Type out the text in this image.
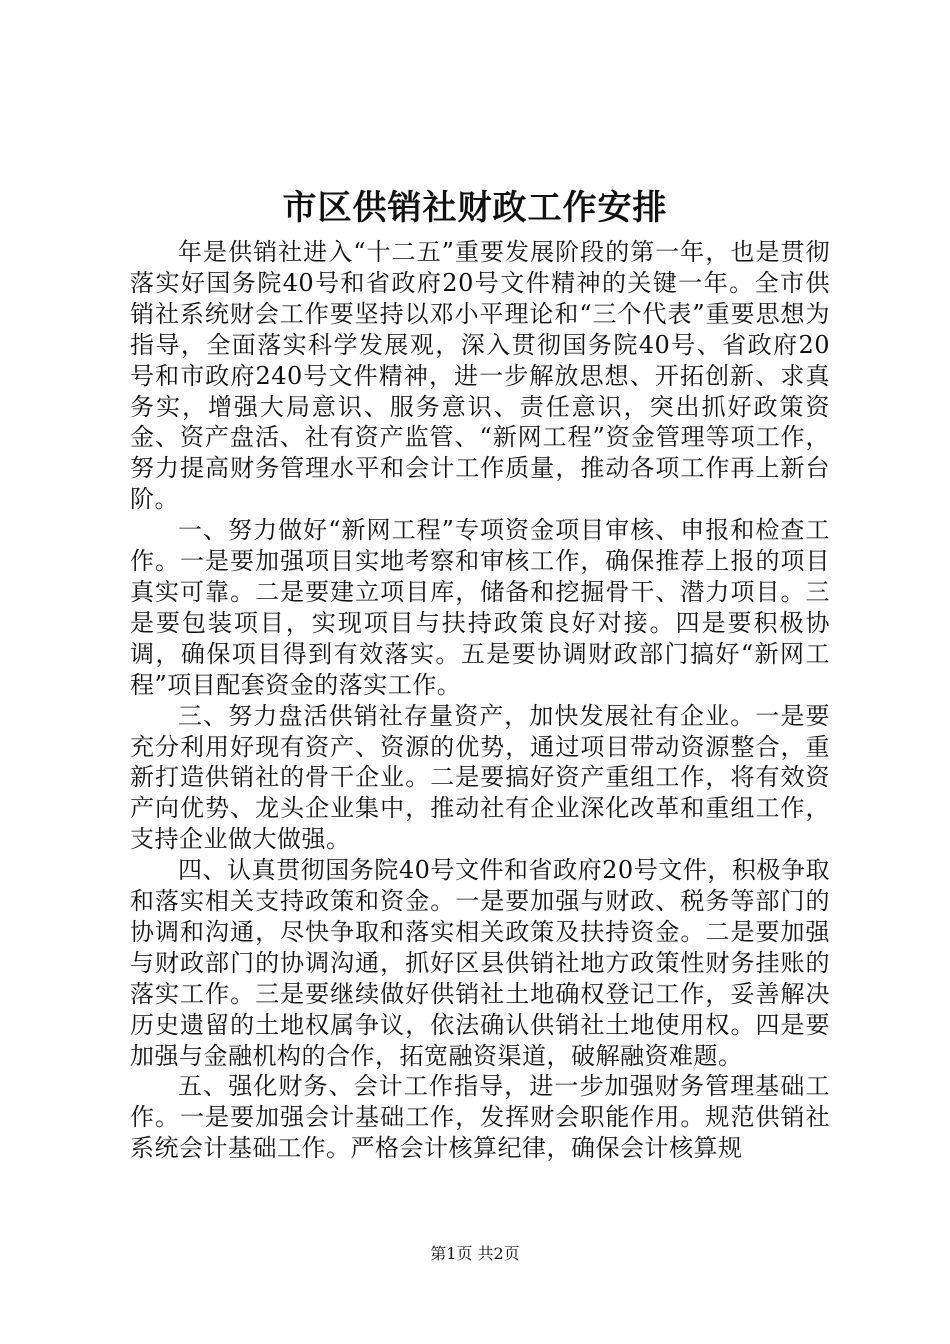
市区供销社财政工作安排

年是供销社进入“十二五”重要发展阶段的第一年，也是贯彻落实好国务院40号和省政府20号文件精神的关键一年。全市供销社系统财会工作要坚持以邓小平理论和“三个代表”重要思想为指导，全面落实科学发展观，深入贯彻国务院40号、省政府20号和市政府240号文件精神，进一步解放思想、开拓创新、求真务实，增强大局意识、服务意识、责任意识，突出抓好政策资金、资产盘活、社有资产监管、“新网工程”资金管理等项工作，努力提高财务管理水平和会计工作质量，推动各项工作再上新台阶。

一、努力做好“新网工程”专项资金项目审核、申报和检查工作。一是要加强项目实地考察和审核工作，确保推荐上报的项目真实可靠。二是要建立项目库，储备和挖掘骨干、潜力项目。三是要包装项目，实现项目与扶持政策良好对接。四是要积极协调，确保项目得到有效落实。五是要协调财政部门搞好“新网工程”项目配套资金的落实工作。

三、努力盘活供销社存量资产，加快发展社有企业。一是要充分利用好现有资产、资源的优势，通过项目带动资源整合，重新打造供销社的骨干企业。二是要搞好资产重组工作，将有效资产向优势、龙头企业集中，推动社有企业深化改革和重组工作，支持企业做大做强。

四、认真贯彻国务院40号文件和省政府20号文件，积极争取和落实相关支持政策和资金。一是要加强与财政、税务等部门的协调和沟通，尽快争取和落实相关政策及扶持资金。二是要加强与财政部门的协调沟通，抓好区县供销社地方政策性财务挂账的落实工作。三是要继续做好供销社土地确权登记工作，妥善解决历史遗留的土地权属争议，依法确认供销社土地使用权。四是要加强与金融机构的合作，拓宽融资渠道，破解融资难题。

五、强化财务、会计工作指导，进一步加强财务管理基础工作。一是要加强会计基础工作，发挥财会职能作用。规范供销社系统会计基础工作。严格会计核算纪律，确保会计核算规

第1页 共2页
